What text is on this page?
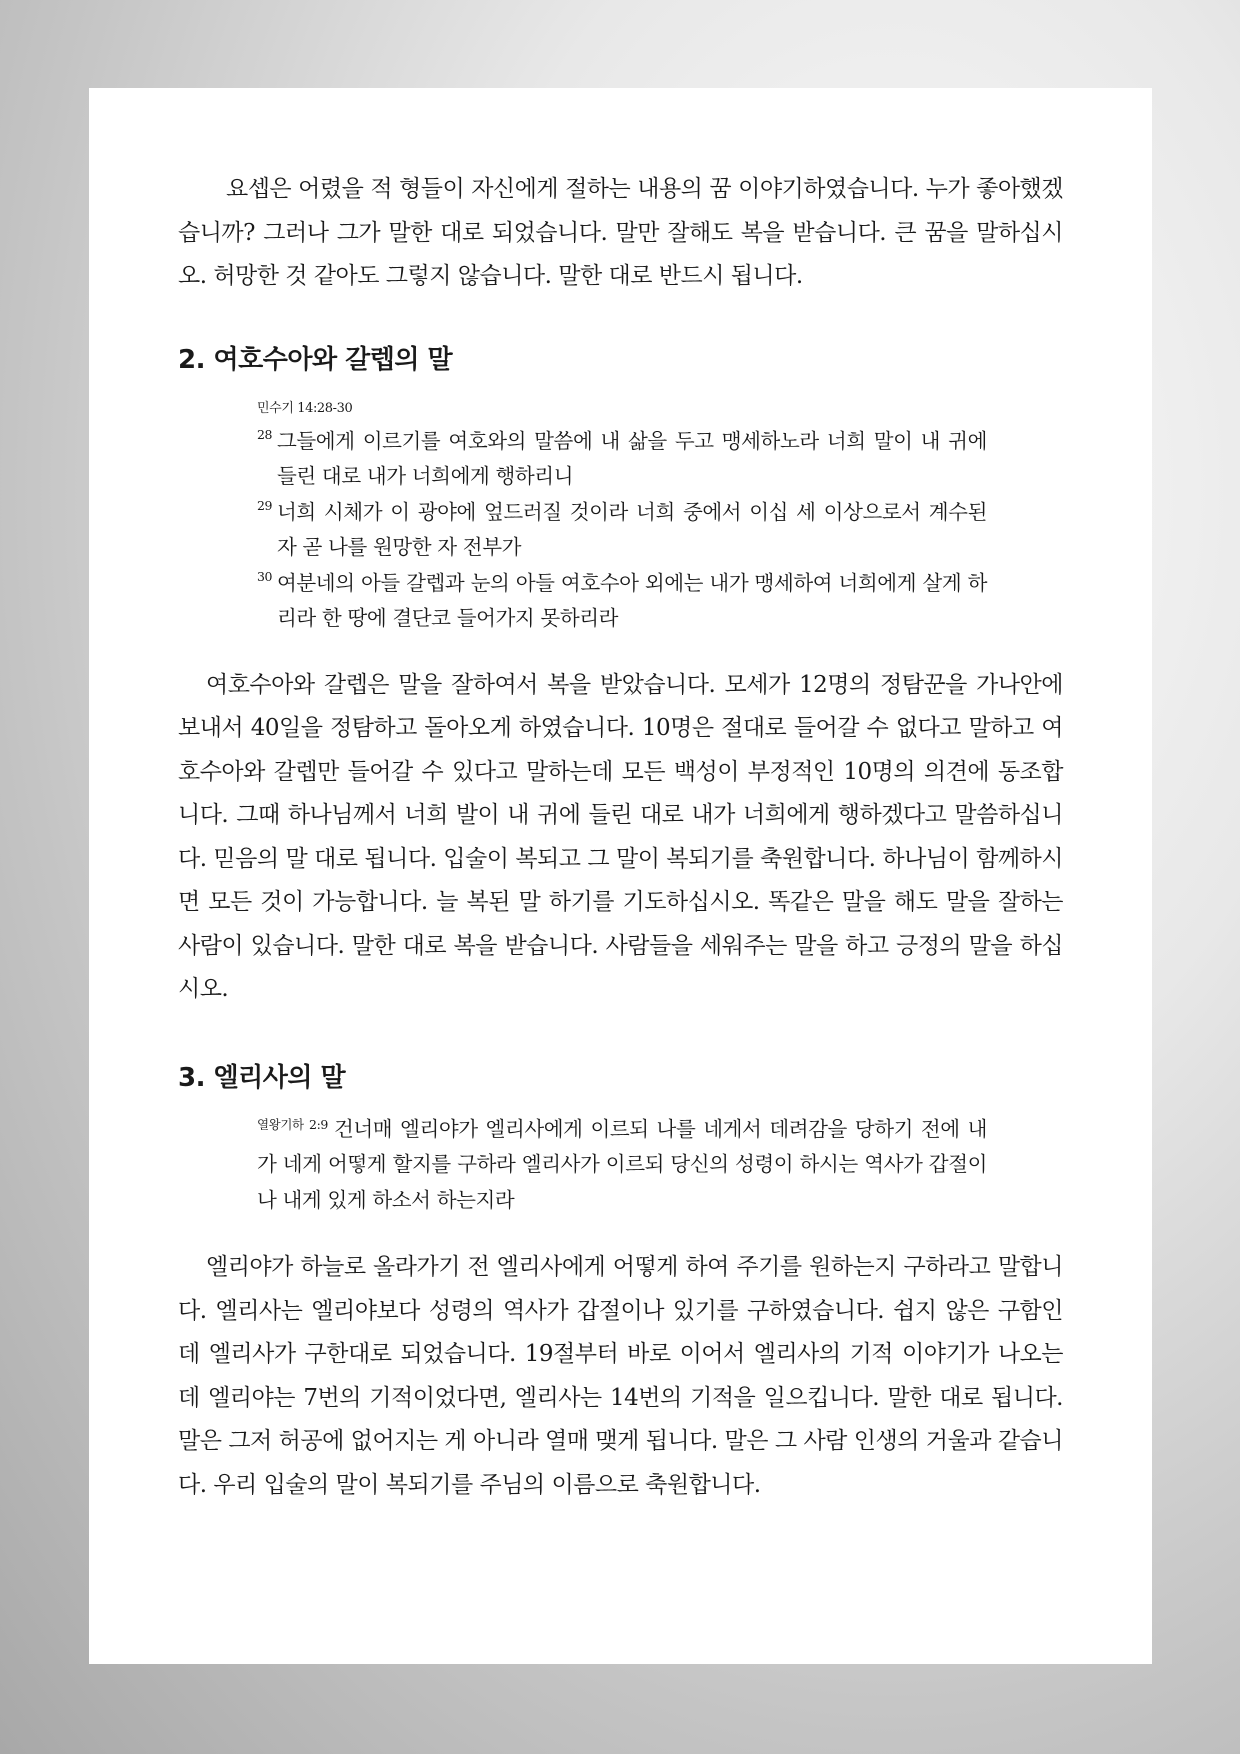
요셉은 어렸을 적 형들이 자신에게 절하는 내용의 꿈 이야기하였습니다. 누가 좋아했겠습니까? 그러나 그가 말한 대로 되었습니다. 말만 잘해도 복을 받습니다. 큰 꿈을 말하십시오. 허망한 것 같아도 그렇지 않습니다. 말한 대로 반드시 됩니다.

2. 여호수아와 갈렙의 말

민수기 14:28-30

28 그들에게 이르기를 여호와의 말씀에 내 삶을 두고 맹세하노라 너희 말이 내 귀에 들린 대로 내가 너희에게 행하리니
29 너희 시체가 이 광야에 엎드러질 것이라 너희 중에서 이십 세 이상으로서 계수된 자 곧 나를 원망한 자 전부가
30 여분네의 아들 갈렙과 눈의 아들 여호수아 외에는 내가 맹세하여 너희에게 살게 하리라 한 땅에 결단코 들어가지 못하리라

여호수아와 갈렙은 말을 잘하여서 복을 받았습니다. 모세가 12명의 정탐꾼을 가나안에 보내서 40일을 정탐하고 돌아오게 하였습니다. 10명은 절대로 들어갈 수 없다고 말하고 여호수아와 갈렙만 들어갈 수 있다고 말하는데 모든 백성이 부정적인 10명의 의견에 동조합니다. 그때 하나님께서 너희 발이 내 귀에 들린 대로 내가 너희에게 행하겠다고 말씀하십니다. 믿음의 말 대로 됩니다. 입술이 복되고 그 말이 복되기를 축원합니다. 하나님이 함께하시면 모든 것이 가능합니다. 늘 복된 말 하기를 기도하십시오. 똑같은 말을 해도 말을 잘하는 사람이 있습니다. 말한 대로 복을 받습니다. 사람들을 세워주는 말을 하고 긍정의 말을 하십시오.

3. 엘리사의 말
$^{열왕기하 2:9}$ 건너매 엘리야가 엘리사에게 이르되 나를 네게서 데려감을 당하기 전에 내가 네게 어떻게 할지를 구하라 엘리사가 이르되 당신의 성령이 하시는 역사가 갑절이나 내게 있게 하소서 하는지라

엘리야가 하늘로 올라가기 전 엘리사에게 어떻게 하여 주기를 원하는지 구하라고 말합니다. 엘리사는 엘리야보다 성령의 역사가 갑절이나 있기를 구하였습니다. 쉽지 않은 구함인데 엘리사가 구한대로 되었습니다. 19절부터 바로 이어서 엘리사의 기적 이야기가 나오는데 엘리야는 7번의 기적이었다면, 엘리사는 14번의 기적을 일으킵니다. 말한 대로 됩니다. 말은 그저 허공에 없어지는 게 아니라 열매 맺게 됩니다. 말은 그 사람 인생의 거울과 같습니다. 우리 입술의 말이 복되기를 주님의 이름으로 축원합니다.
